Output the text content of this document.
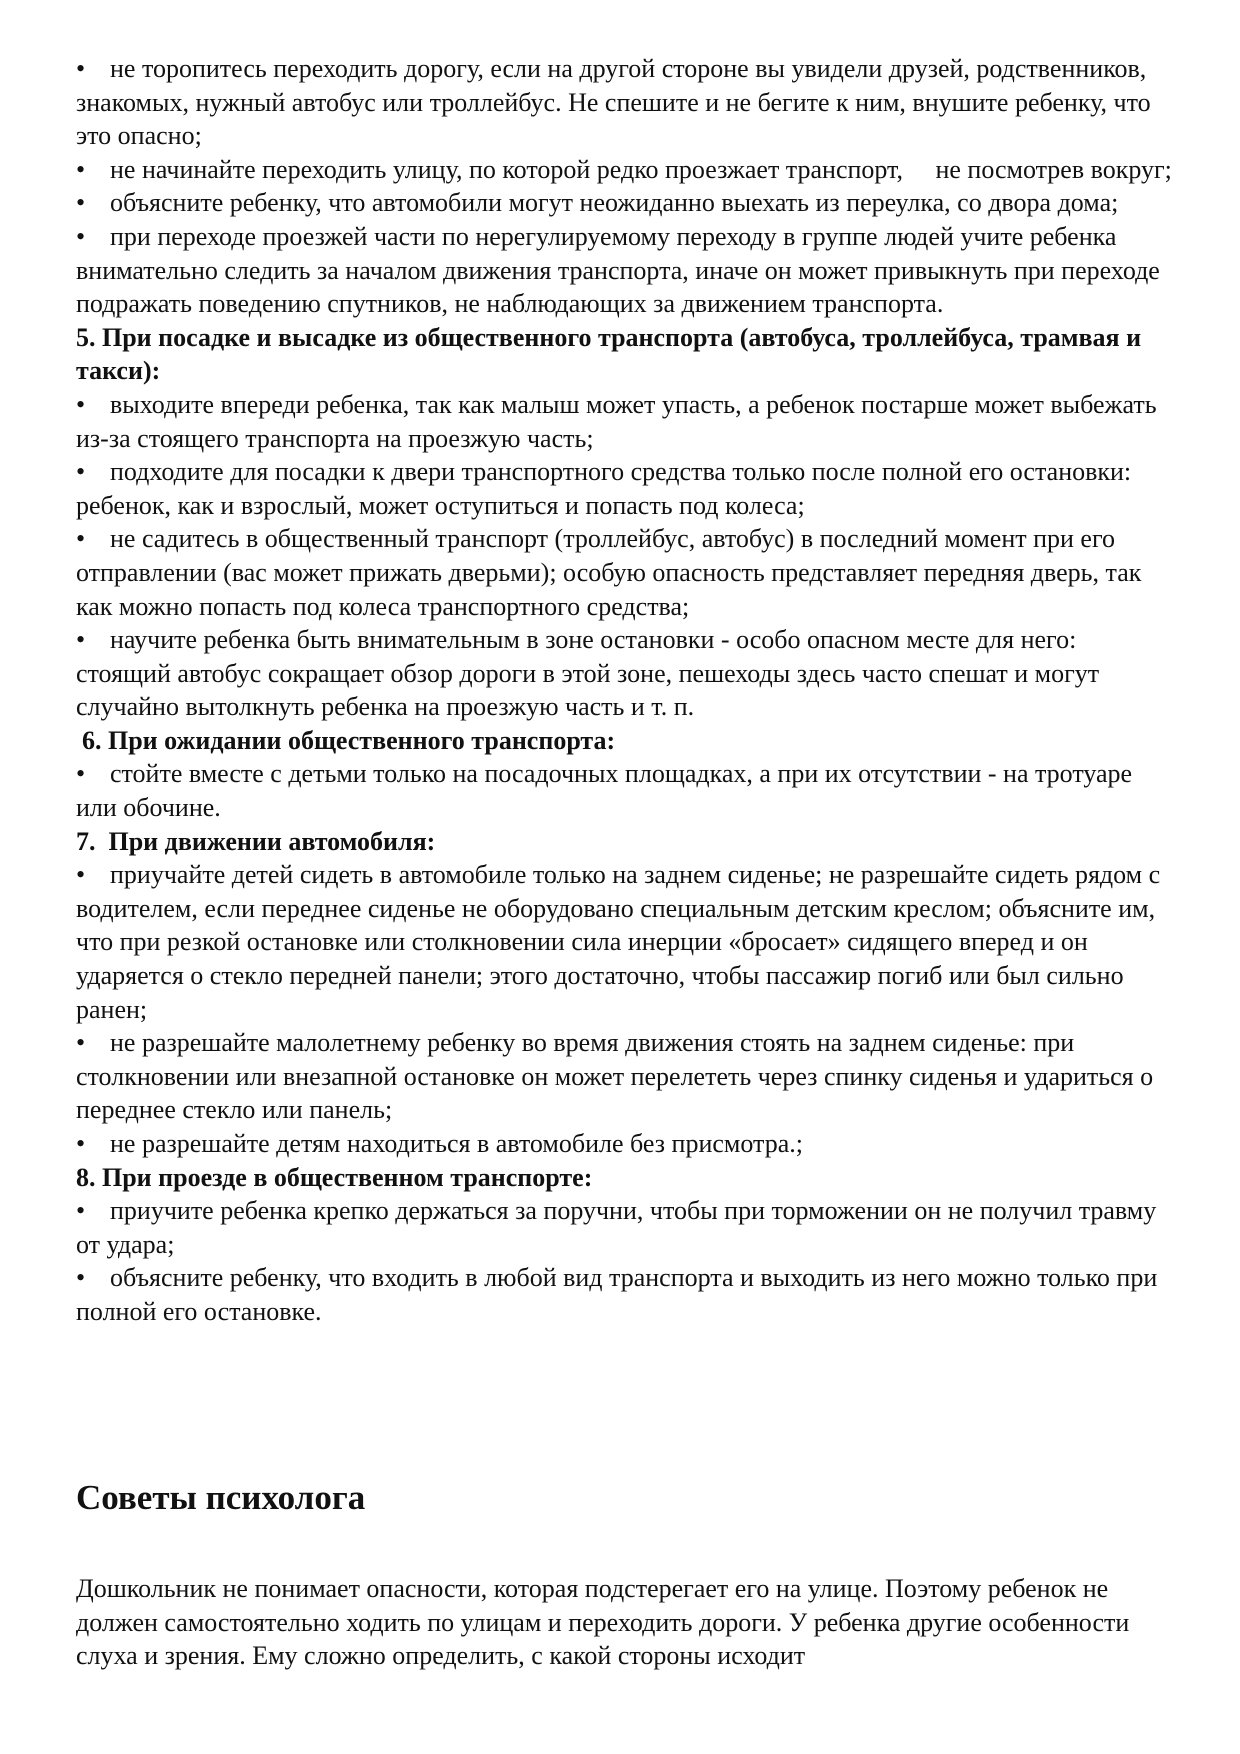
• не торопитесь переходить дорогу, если на другой стороне вы увидели друзей, родственников, знакомых, нужный автобус или троллейбус. Не спешите и не бегите к ним, внушите ребенку, что это опасно;

• не начинайте переходить улицу, по которой редко проезжает транспорт,     не посмотрев вокруг;

• объясните ребенку, что автомобили могут неожиданно выехать из переулка, со двора дома;

• при переходе проезжей части по нерегулируемому переходу в группе людей учите ребенка внимательно следить за началом движения транспорта, иначе он может привыкнуть при переходе подражать поведению спутников, не наблюдающих за движением транспорта.

5. При посадке и высадке из общественного транспорта (автобуса, троллейбуса, трамвая и такси):

• выходите впереди ребенка, так как малыш может упасть, а ребенок постарше может выбежать из-за стоящего транспорта на проезжую часть;

• подходите для посадки к двери транспортного средства только после полной его остановки: ребенок, как и взрослый, может оступиться и попасть под колеса;

• не садитесь в общественный транспорт (троллейбус, автобус) в последний момент при его отправлении (вас может прижать дверьми); особую опасность представляет передняя дверь, так как можно попасть под колеса транспортного средства;

• научите ребенка быть внимательным в зоне остановки - особо опасном месте для него: стоящий автобус сокращает обзор дороги в этой зоне, пешеходы здесь часто спешат и могут случайно вытолкнуть ребенка на проезжую часть и т. п.

6. При ожидании общественного транспорта:

• стойте вместе с детьми только на посадочных площадках, а при их отсутствии - на тротуаре или обочине.

7.  При движении автомобиля:

• приучайте детей сидеть в автомобиле только на заднем сиденье; не разрешайте сидеть рядом с водителем, если переднее сиденье не оборудовано специальным детским креслом; объясните им, что при резкой остановке или столкновении сила инерции «бросает» сидящего вперед и он ударяется о стекло передней панели; этого достаточно, чтобы пассажир погиб или был сильно ранен;

• не разрешайте малолетнему ребенку во время движения стоять на заднем сиденье: при столкновении или внезапной остановке он может перелететь через спинку сиденья и удариться о переднее стекло или панель;

• не разрешайте детям находиться в автомобиле без присмотра.;

8. При проезде в общественном транспорте:

• приучите ребенка крепко держаться за поручни, чтобы при торможении он не получил травму от удара;

• объясните ребенку, что входить в любой вид транспорта и выходить из него можно только при полной его остановке.

Советы психолога

Дошкольник не понимает опасности, которая подстерегает его на улице. Поэтому ребенок не должен самостоятельно ходить по улицам и переходить дороги. У ребенка другие особенности слуха и зрения. Ему сложно определить, с какой стороны исходит
